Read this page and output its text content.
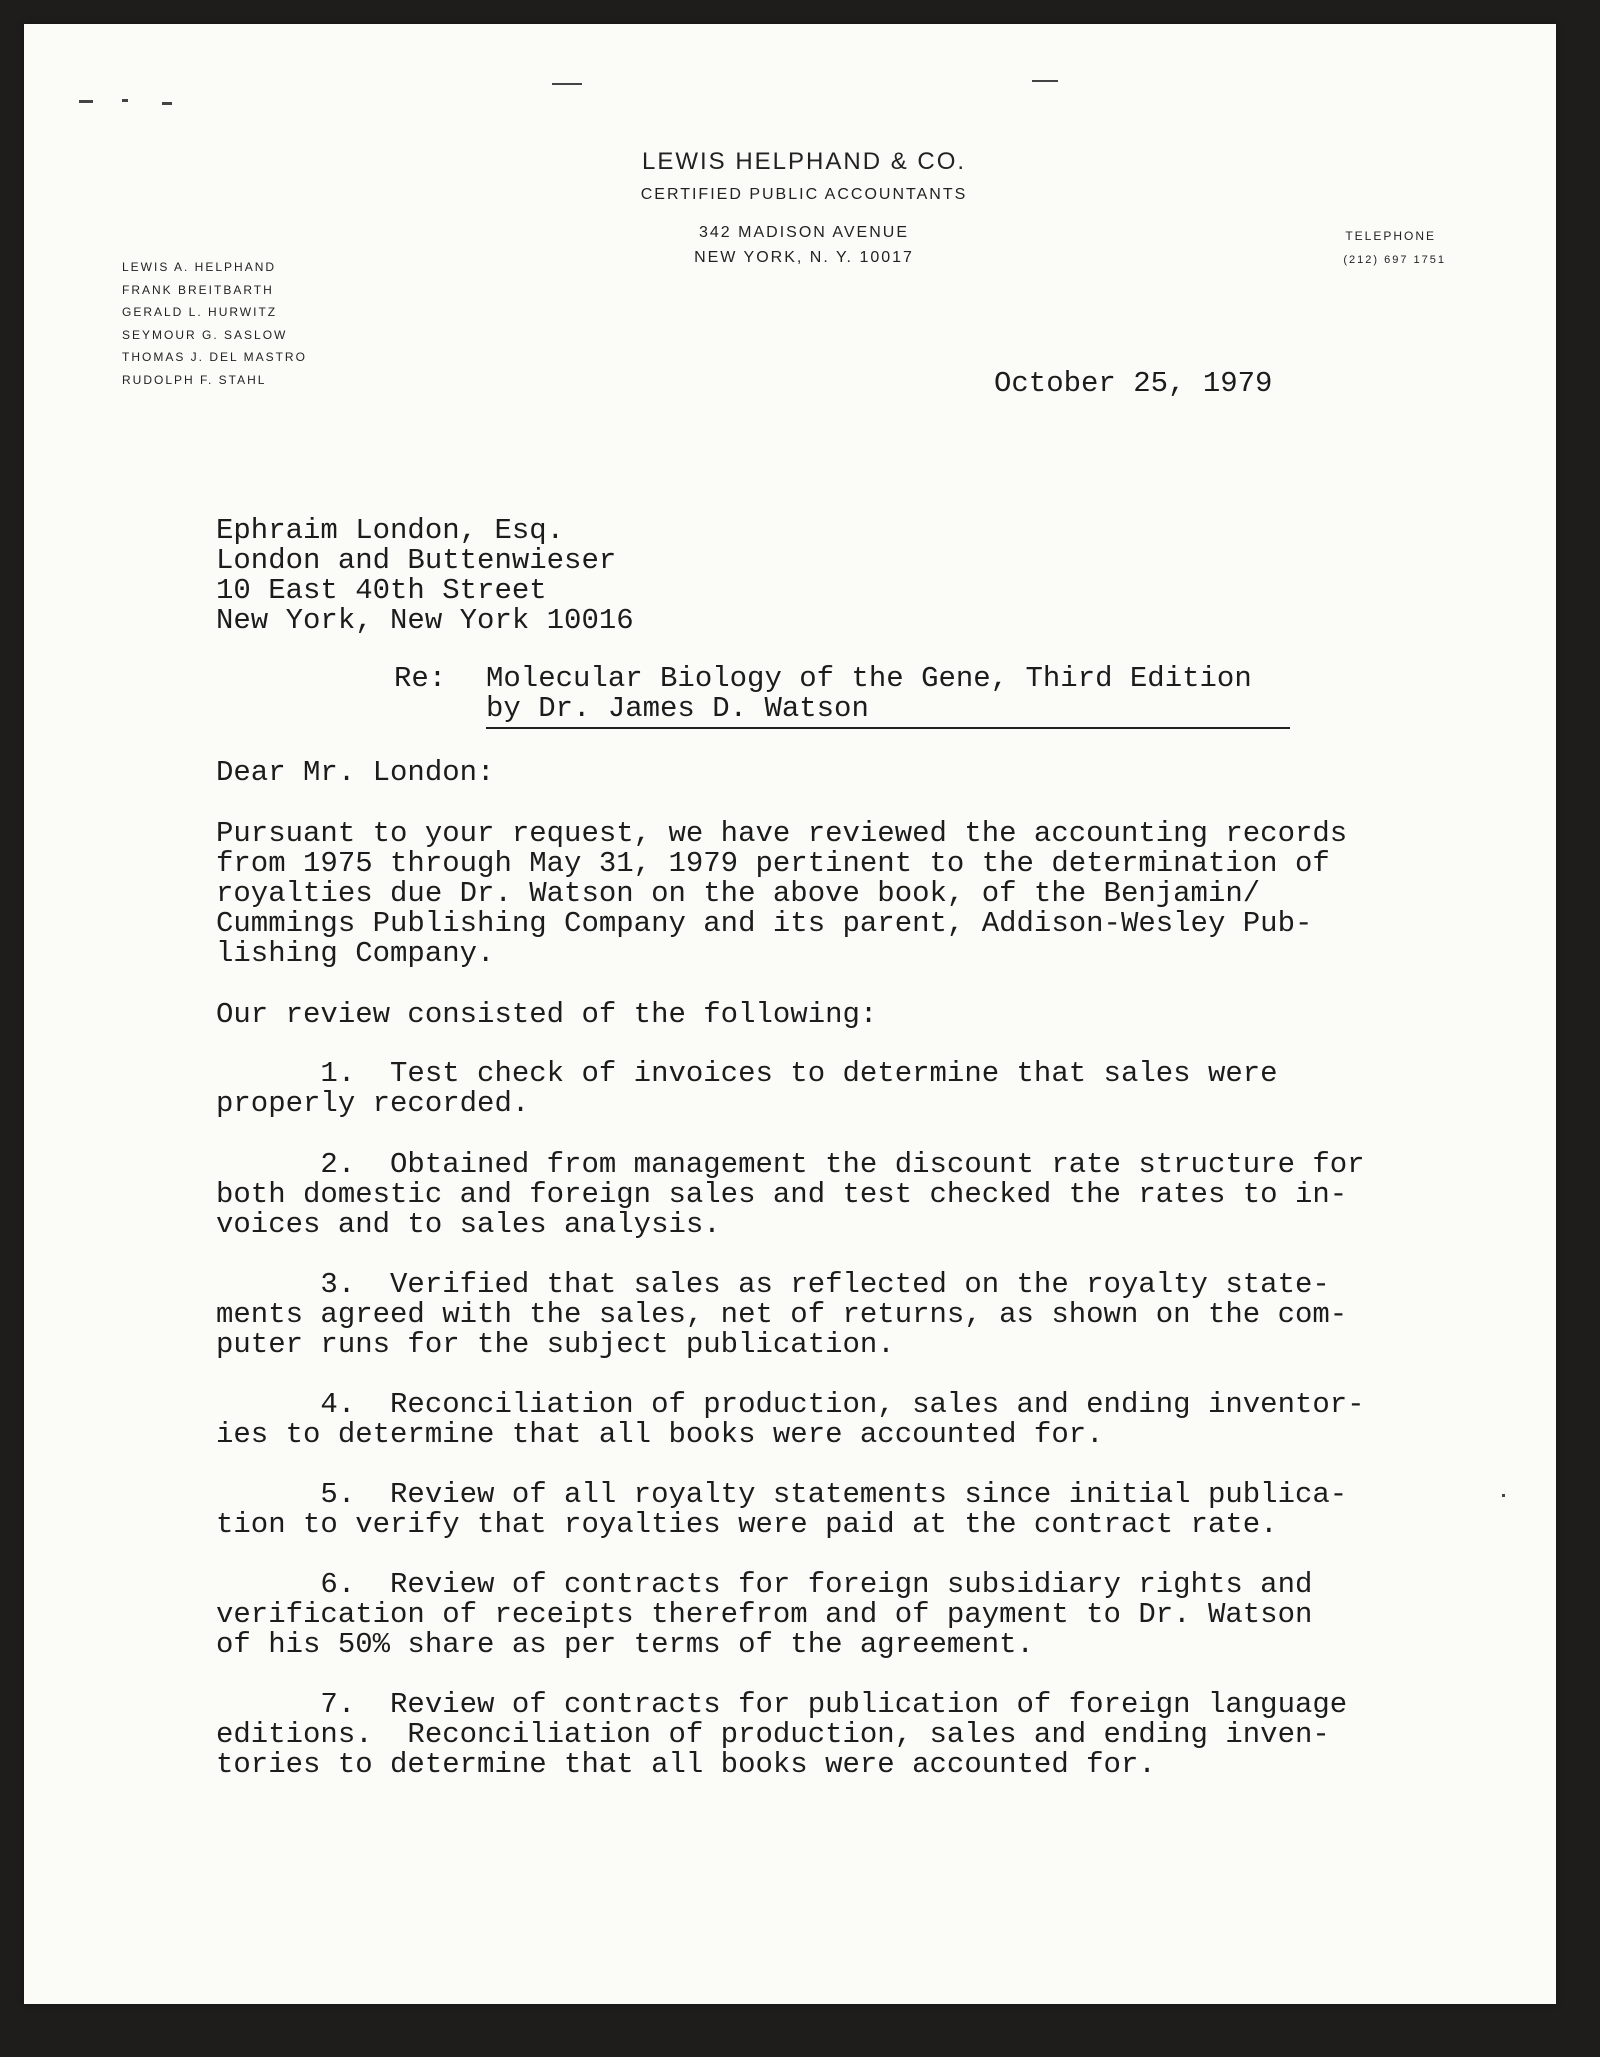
LEWIS HELPHAND & CO.
CERTIFIED PUBLIC ACCOUNTANTS
342 MADISON AVENUE
NEW YORK, N. Y. 10017
TELEPHONE
(212) 697 1751
LEWIS A. HELPHAND
FRANK BREITBARTH
GERALD L. HURWITZ
SEYMOUR G. SASLOW
THOMAS J. DEL MASTRO
RUDOLPH F. STAHL	October 25, 1979
Ephraim London, Esq.
London and Buttenwieser
10 East 40th Street
New York, New York 10016
Re: Molecular Biology of the Gene, Third Edition
by Dr. James D. Watson
Dear Mr. London:
Pursuant to your request, we have reviewed the accounting records
from 1975 through May 31, 1979 pertinent to the determination of
royalties due Dr. Watson on the above book, of the Benjamin/
Cummings Publishing Company and its parent, Addison-Wesley Pub-
lishing Company.
Our review consisted of the following:
1.  Test check of invoices to determine that sales were
properly recorded.
2.  Obtained from management the discount rate structure for
both domestic and foreign sales and test checked the rates to in-
voices and to sales analysis.
3.  Verified that sales as reflected on the royalty state-
ments agreed with the sales, net of returns, as shown on the com-
puter runs for the subject publication.
4.  Reconciliation of production, sales and ending inventor-
ies to determine that all books were accounted for.
5.  Review of all royalty statements since initial publica-
tion to verify that royalties were paid at the contract rate.
6.  Review of contracts for foreign subsidiary rights and
verification of receipts therefrom and of payment to Dr. Watson
of his 50% share as per terms of the agreement.
7.  Review of contracts for publication of foreign language
editions.  Reconciliation of production, sales and ending inven-
tories to determine that all books were accounted for.
